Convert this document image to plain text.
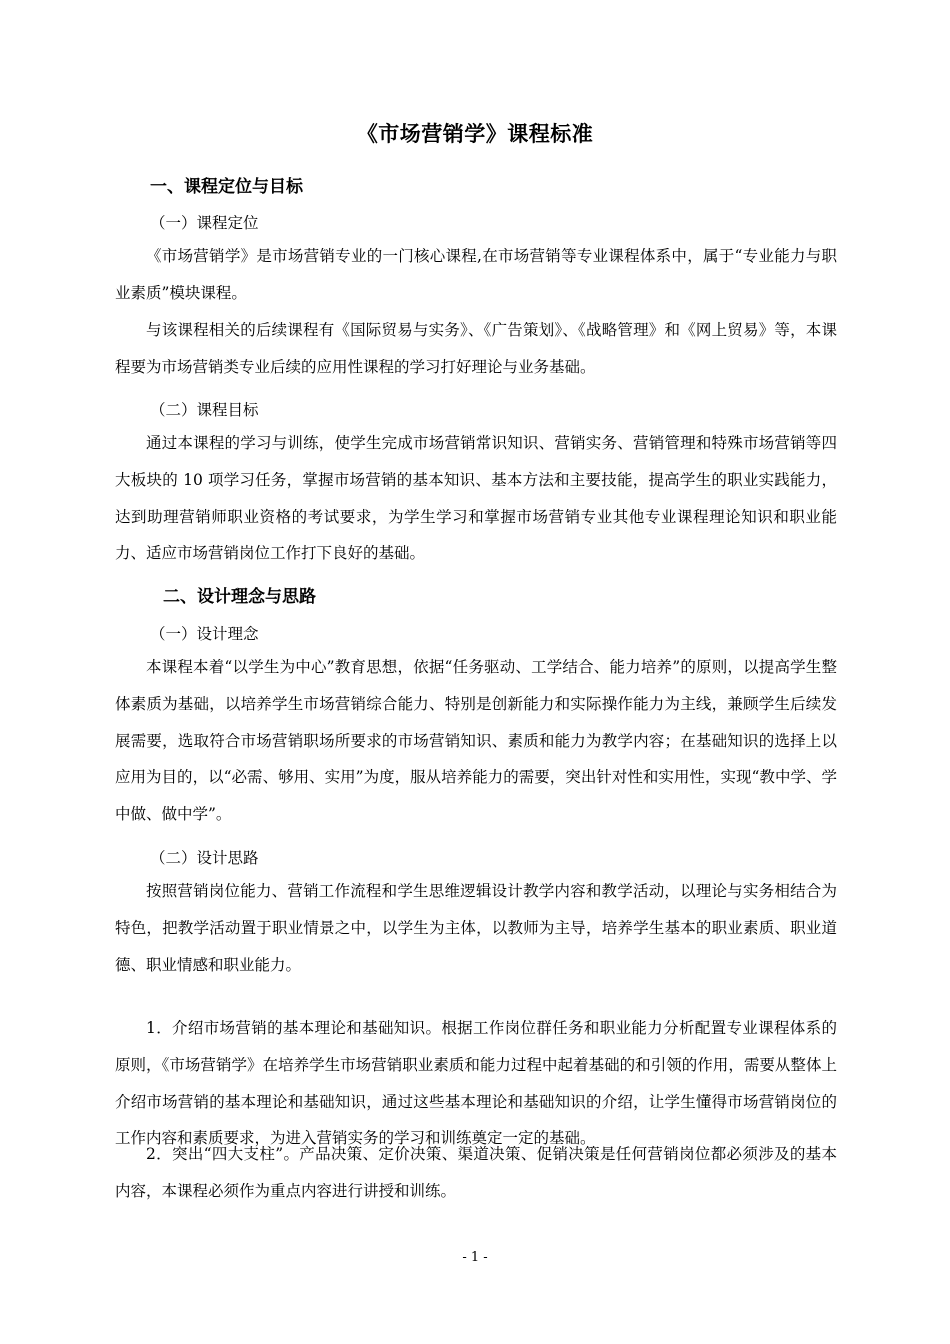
《市场营销学》课程标准
一、课程定位与目标
（一）课程定位

《市场营销学》是市场营销专业的一门核心课程,在市场营销等专业课程体系中，属于“专业能力与职业素质”模块课程。

与该课程相关的后续课程有《国际贸易与实务》、《广告策划》、《战略管理》和《网上贸易》等，本课程要为市场营销类专业后续的应用性课程的学习打好理论与业务基础。

（二）课程目标

通过本课程的学习与训练，使学生完成市场营销常识知识、营销实务、营销管理和特殊市场营销等四大板块的 10 项学习任务，掌握市场营销的基本知识、基本方法和主要技能，提高学生的职业实践能力，达到助理营销师职业资格的考试要求，为学生学习和掌握市场营销专业其他专业课程理论知识和职业能力、适应市场营销岗位工作打下良好的基础。

二、设计理念与思路
（一）设计理念

本课程本着“以学生为中心”教育思想，依据“任务驱动、工学结合、能力培养”的原则，以提高学生整体素质为基础，以培养学生市场营销综合能力、特别是创新能力和实际操作能力为主线，兼顾学生后续发展需要，选取符合市场营销职场所要求的市场营销知识、素质和能力为教学内容；在基础知识的选择上以应用为目的，以“必需、够用、实用”为度，服从培养能力的需要，突出针对性和实用性，实现“教中学、学中做、做中学”。

（二）设计思路

按照营销岗位能力、营销工作流程和学生思维逻辑设计教学内容和教学活动，以理论与实务相结合为特色，把教学活动置于职业情景之中，以学生为主体，以教师为主导，培养学生基本的职业素质、职业道德、职业情感和职业能力。

1．介绍市场营销的基本理论和基础知识。根据工作岗位群任务和职业能力分析配置专业课程体系的原则，《市场营销学》在培养学生市场营销职业素质和能力过程中起着基础的和引领的作用，需要从整体上介绍市场营销的基本理论和基础知识，通过这些基本理论和基础知识的介绍，让学生懂得市场营销岗位的工作内容和素质要求，为进入营销实务的学习和训练奠定一定的基础。

2．突出“四大支柱”。产品决策、定价决策、渠道决策、促销决策是任何营销岗位都必须涉及的基本内容，本课程必须作为重点内容进行讲授和训练。

- 1 -
